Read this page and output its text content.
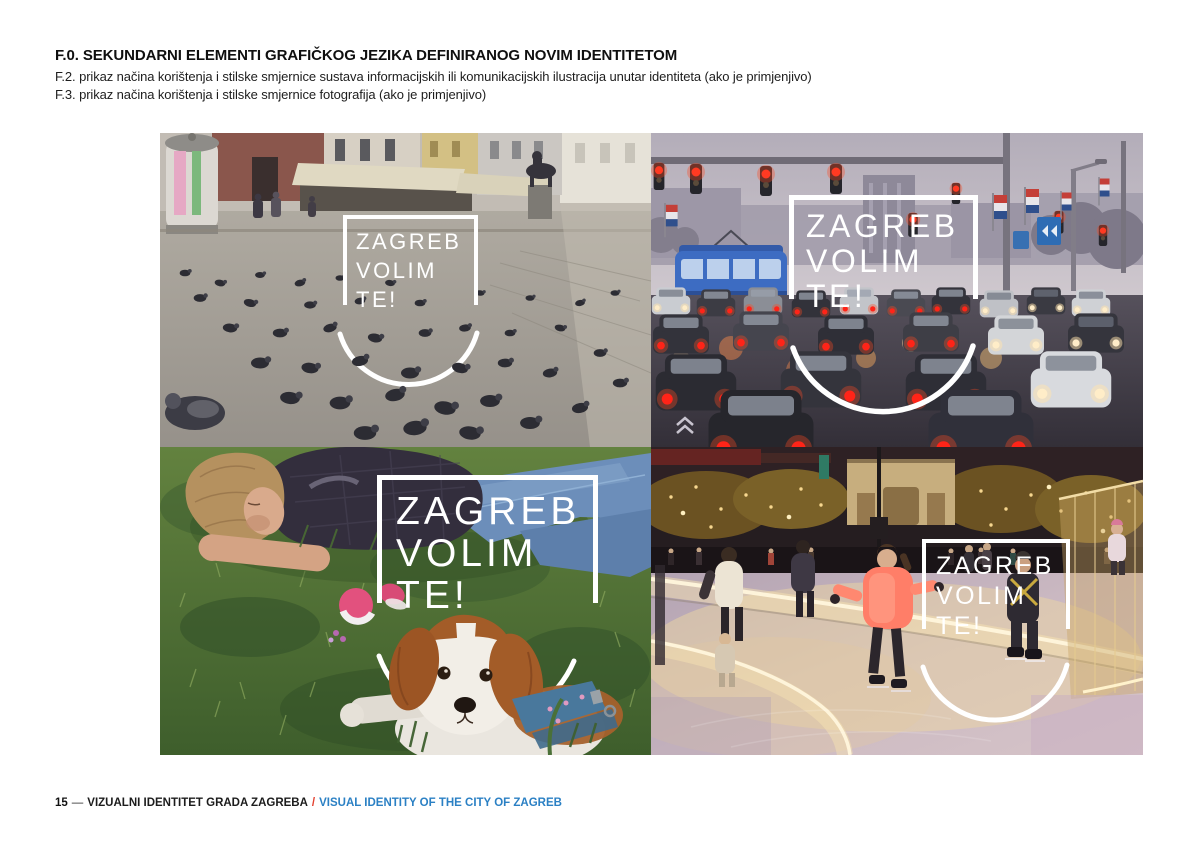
F.0. SEKUNDARNI ELEMENTI GRAFIČKOG JEZIKA DEFINIRANOG NOVIM IDENTITETOM
F.2. prikaz načina korištenja i stilske smjernice sustava informacijskih ili komunikacijskih ilustracija unutar identiteta (ako je primjenjivo)
F.3. prikaz načina korištenja i stilske smjernice fotografija (ako je primjenjivo)
ZAGREB
VOLIM
TE!
ZAGREB
VOLIM
TE!
ZAGREB
VOLIM
TE!
ZAGREB
VOLIM
TE!
15 — VIZUALNI IDENTITET GRADA ZAGREBA / VISUAL IDENTITY OF THE CITY OF ZAGREB
